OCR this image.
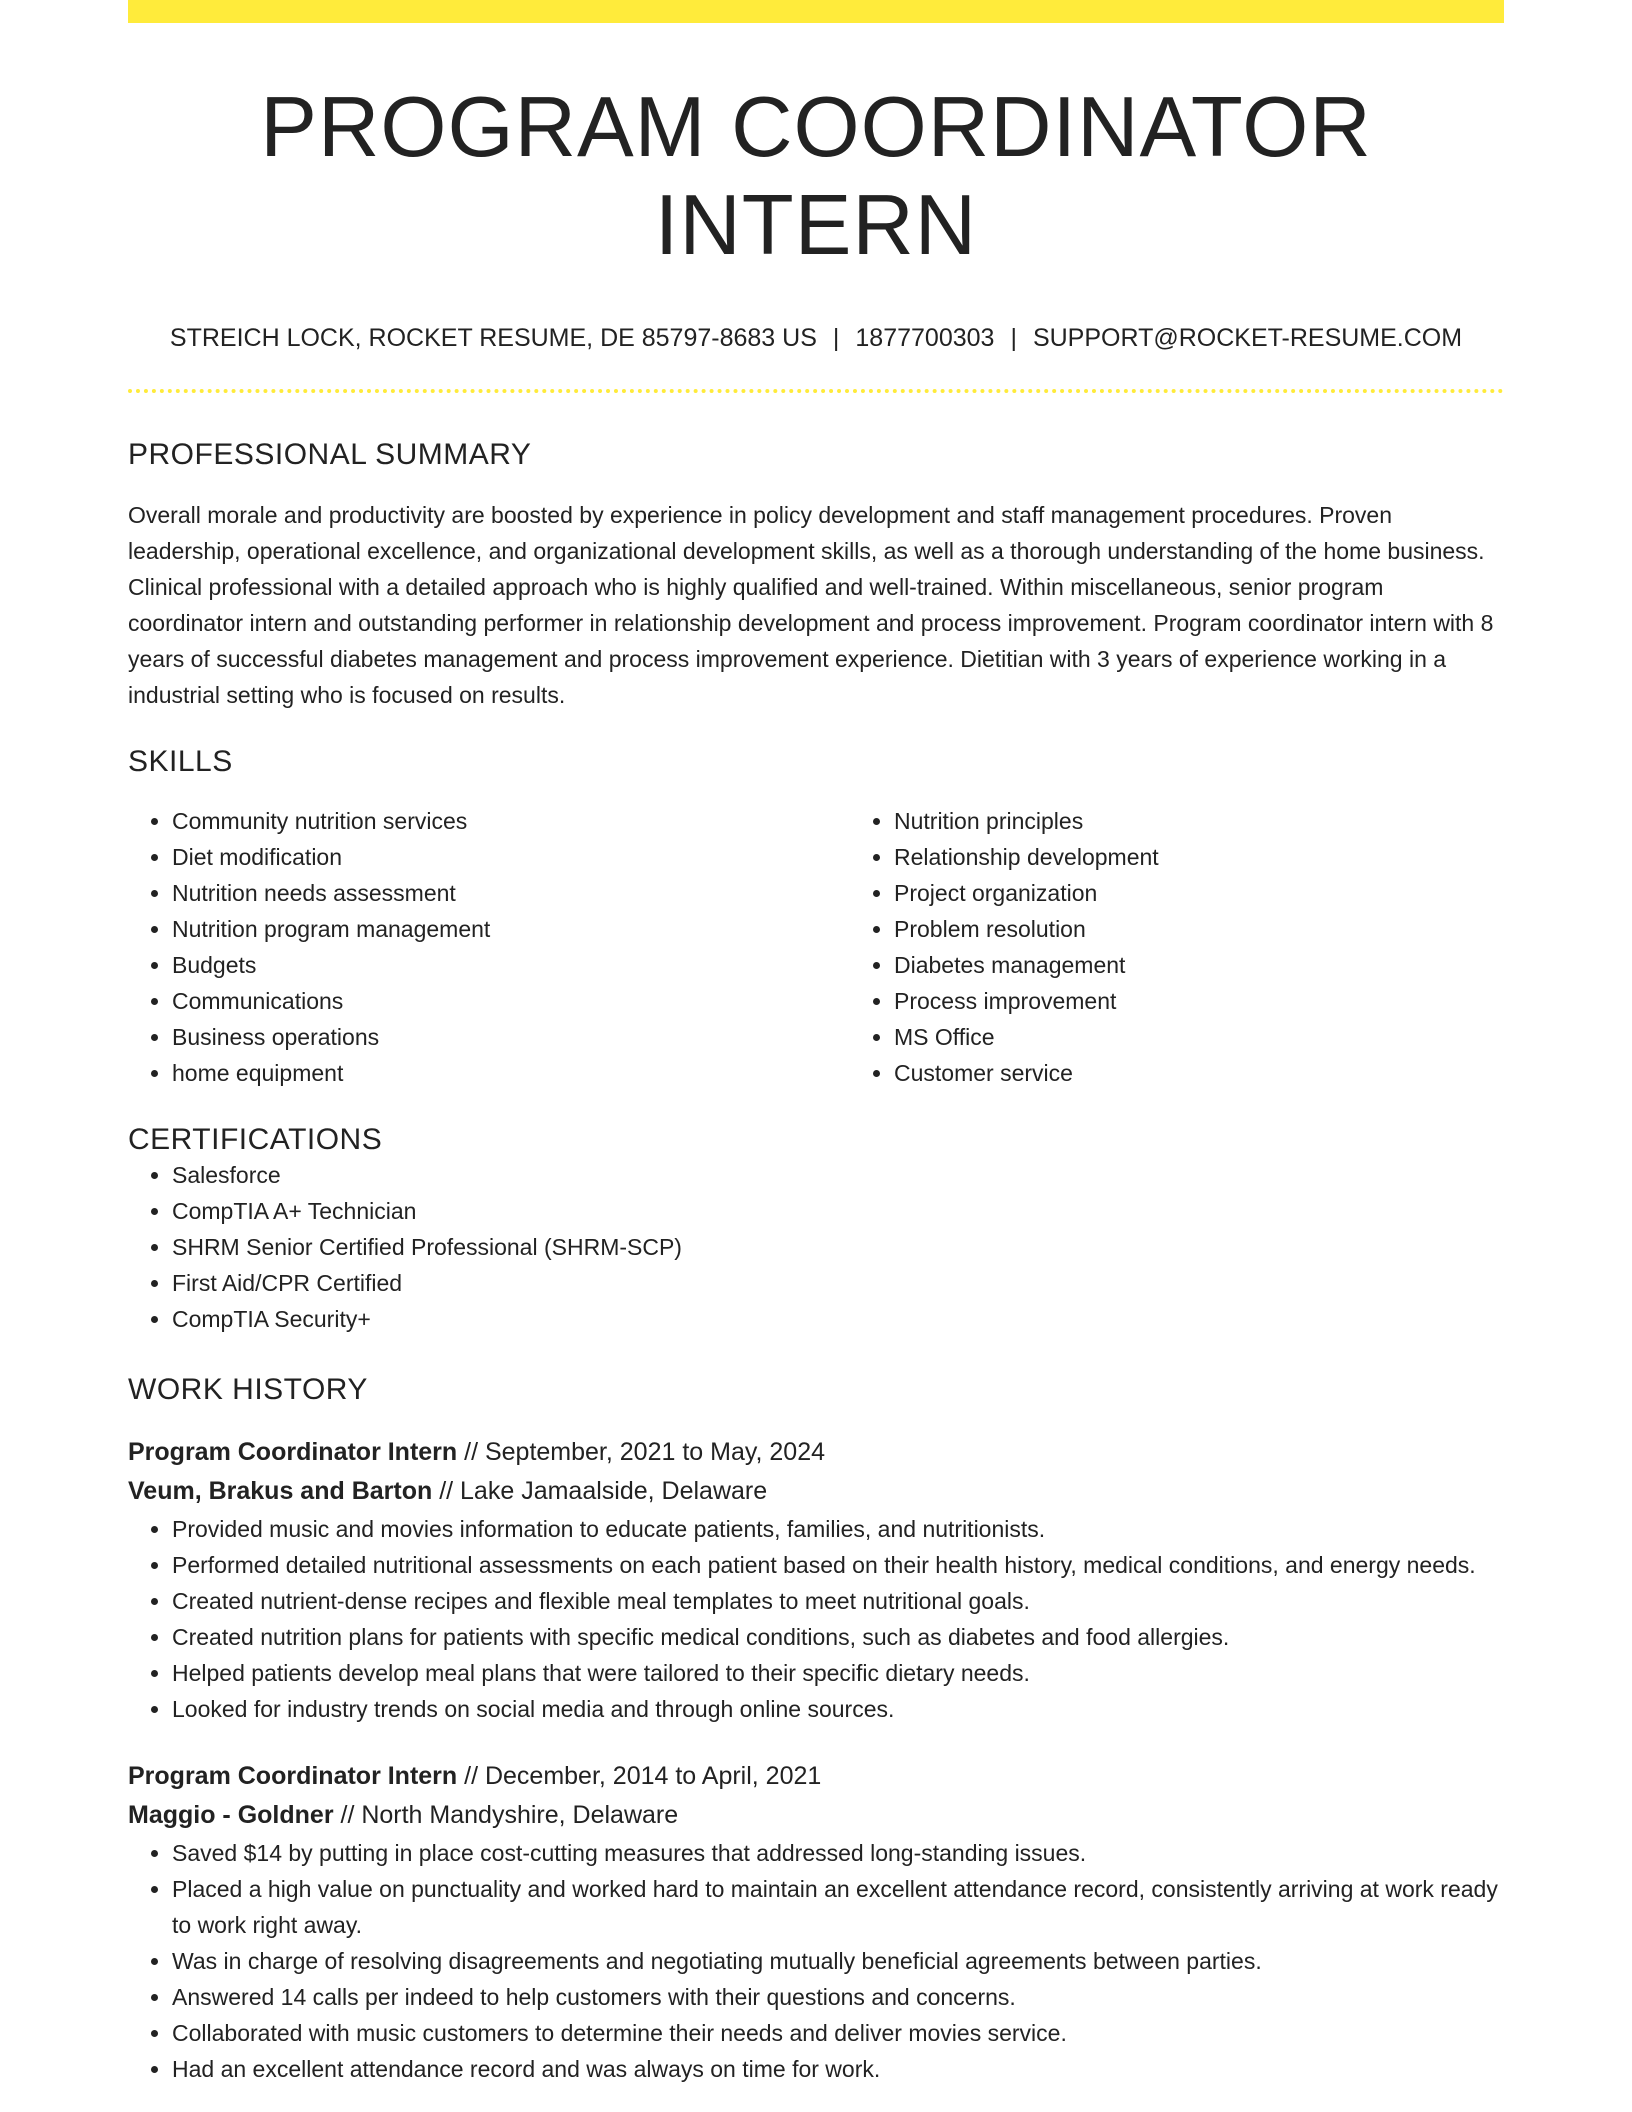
PROGRAM COORDINATOR INTERN
STREICH LOCK, ROCKET RESUME, DE 85797-8683 US | 1877700303 | SUPPORT@ROCKET-RESUME.COM
PROFESSIONAL SUMMARY

Overall morale and productivity are boosted by experience in policy development and staff management procedures. Proven leadership, operational excellence, and organizational development skills, as well as a thorough understanding of the home business. Clinical professional with a detailed approach who is highly qualified and well-trained. Within miscellaneous, senior program coordinator intern and outstanding performer in relationship development and process improvement. Program coordinator intern with 8 years of successful diabetes management and process improvement experience. Dietitian with 3 years of experience working in a industrial setting who is focused on results.

SKILLS
• Community nutrition services
• Diet modification
• Nutrition needs assessment
• Nutrition program management
• Budgets
• Communications
• Business operations
• home equipment
• Nutrition principles
• Relationship development
• Project organization
• Problem resolution
• Diabetes management
• Process improvement
• MS Office
• Customer service
CERTIFICATIONS
• Salesforce
• CompTIA A+ Technician
• SHRM Senior Certified Professional (SHRM-SCP)
• First Aid/CPR Certified
• CompTIA Security+
WORK HISTORY
Program Coordinator Intern // September, 2021 to May, 2024
Veum, Brakus and Barton // Lake Jamaalside, Delaware
• Provided music and movies information to educate patients, families, and nutritionists.
• Performed detailed nutritional assessments on each patient based on their health history, medical conditions, and energy needs.
• Created nutrient-dense recipes and flexible meal templates to meet nutritional goals.
• Created nutrition plans for patients with specific medical conditions, such as diabetes and food allergies.
• Helped patients develop meal plans that were tailored to their specific dietary needs.
• Looked for industry trends on social media and through online sources.
Program Coordinator Intern // December, 2014 to April, 2021
Maggio - Goldner // North Mandyshire, Delaware
• Saved $14 by putting in place cost-cutting measures that addressed long-standing issues.
• Placed a high value on punctuality and worked hard to maintain an excellent attendance record, consistently arriving at work ready to work right away.
• Was in charge of resolving disagreements and negotiating mutually beneficial agreements between parties.
• Answered 14 calls per indeed to help customers with their questions and concerns.
• Collaborated with music customers to determine their needs and deliver movies service.
• Had an excellent attendance record and was always on time for work.
